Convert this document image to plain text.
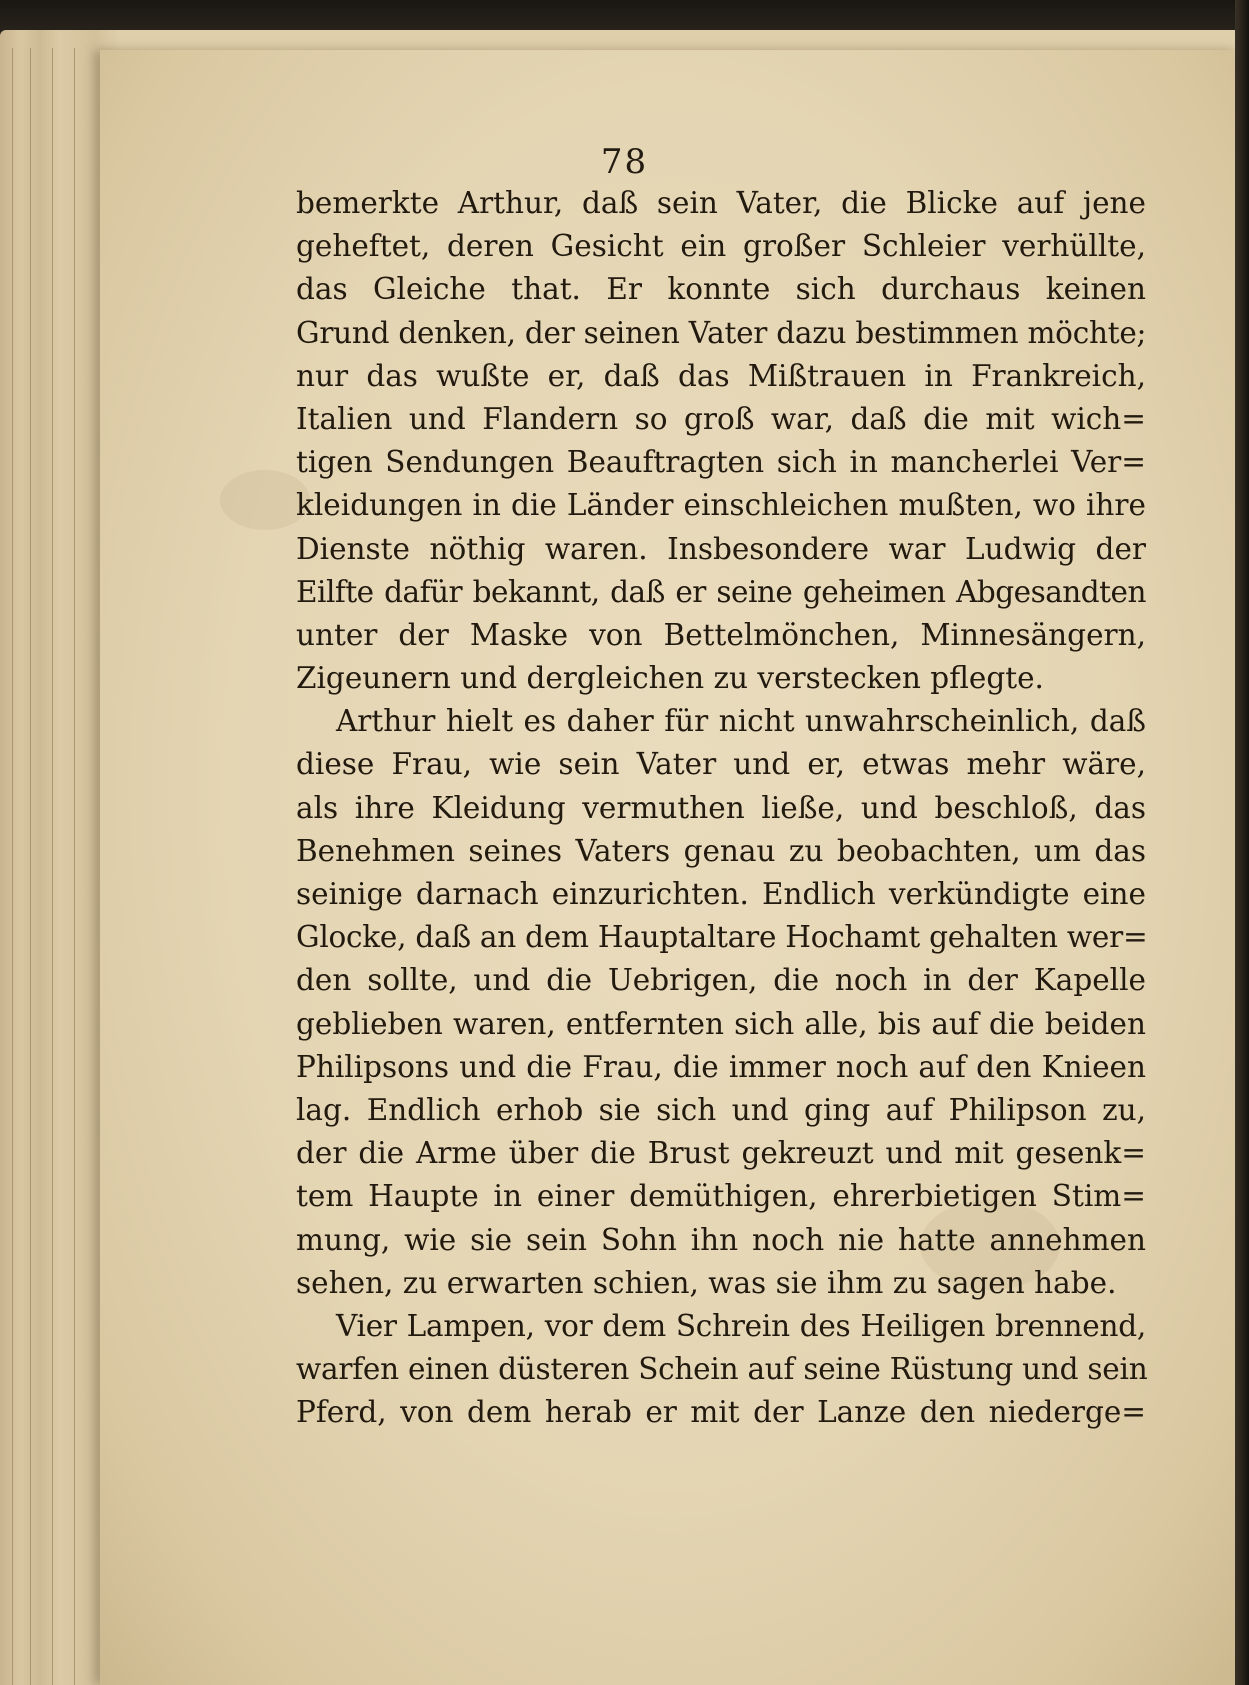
78
bemerkte Arthur, daß sein Vater, die Blicke auf jene
geheftet, deren Gesicht ein großer Schleier verhüllte,
das Gleiche that. Er konnte sich durchaus keinen
Grund denken, der seinen Vater dazu bestimmen möchte;
nur das wußte er, daß das Mißtrauen in Frankreich,
Italien und Flandern so groß war, daß die mit wich=
tigen Sendungen Beauftragten sich in mancherlei Ver=
kleidungen in die Länder einschleichen mußten, wo ihre
Dienste nöthig waren. Insbesondere war Ludwig der
Eilfte dafür bekannt, daß er seine geheimen Abgesandten
unter der Maske von Bettelmönchen, Minnesängern,
Zigeunern und dergleichen zu verstecken pflegte.
Arthur hielt es daher für nicht unwahrscheinlich, daß
diese Frau, wie sein Vater und er, etwas mehr wäre,
als ihre Kleidung vermuthen ließe, und beschloß, das
Benehmen seines Vaters genau zu beobachten, um das
seinige darnach einzurichten. Endlich verkündigte eine
Glocke, daß an dem Hauptaltare Hochamt gehalten wer=
den sollte, und die Uebrigen, die noch in der Kapelle
geblieben waren, entfernten sich alle, bis auf die beiden
Philipsons und die Frau, die immer noch auf den Knieen
lag. Endlich erhob sie sich und ging auf Philipson zu,
der die Arme über die Brust gekreuzt und mit gesenk=
tem Haupte in einer demüthigen, ehrerbietigen Stim=
mung, wie sie sein Sohn ihn noch nie hatte annehmen
sehen, zu erwarten schien, was sie ihm zu sagen habe.
Vier Lampen, vor dem Schrein des Heiligen brennend,
warfen einen düsteren Schein auf seine Rüstung und sein
Pferd, von dem herab er mit der Lanze den niederge=
